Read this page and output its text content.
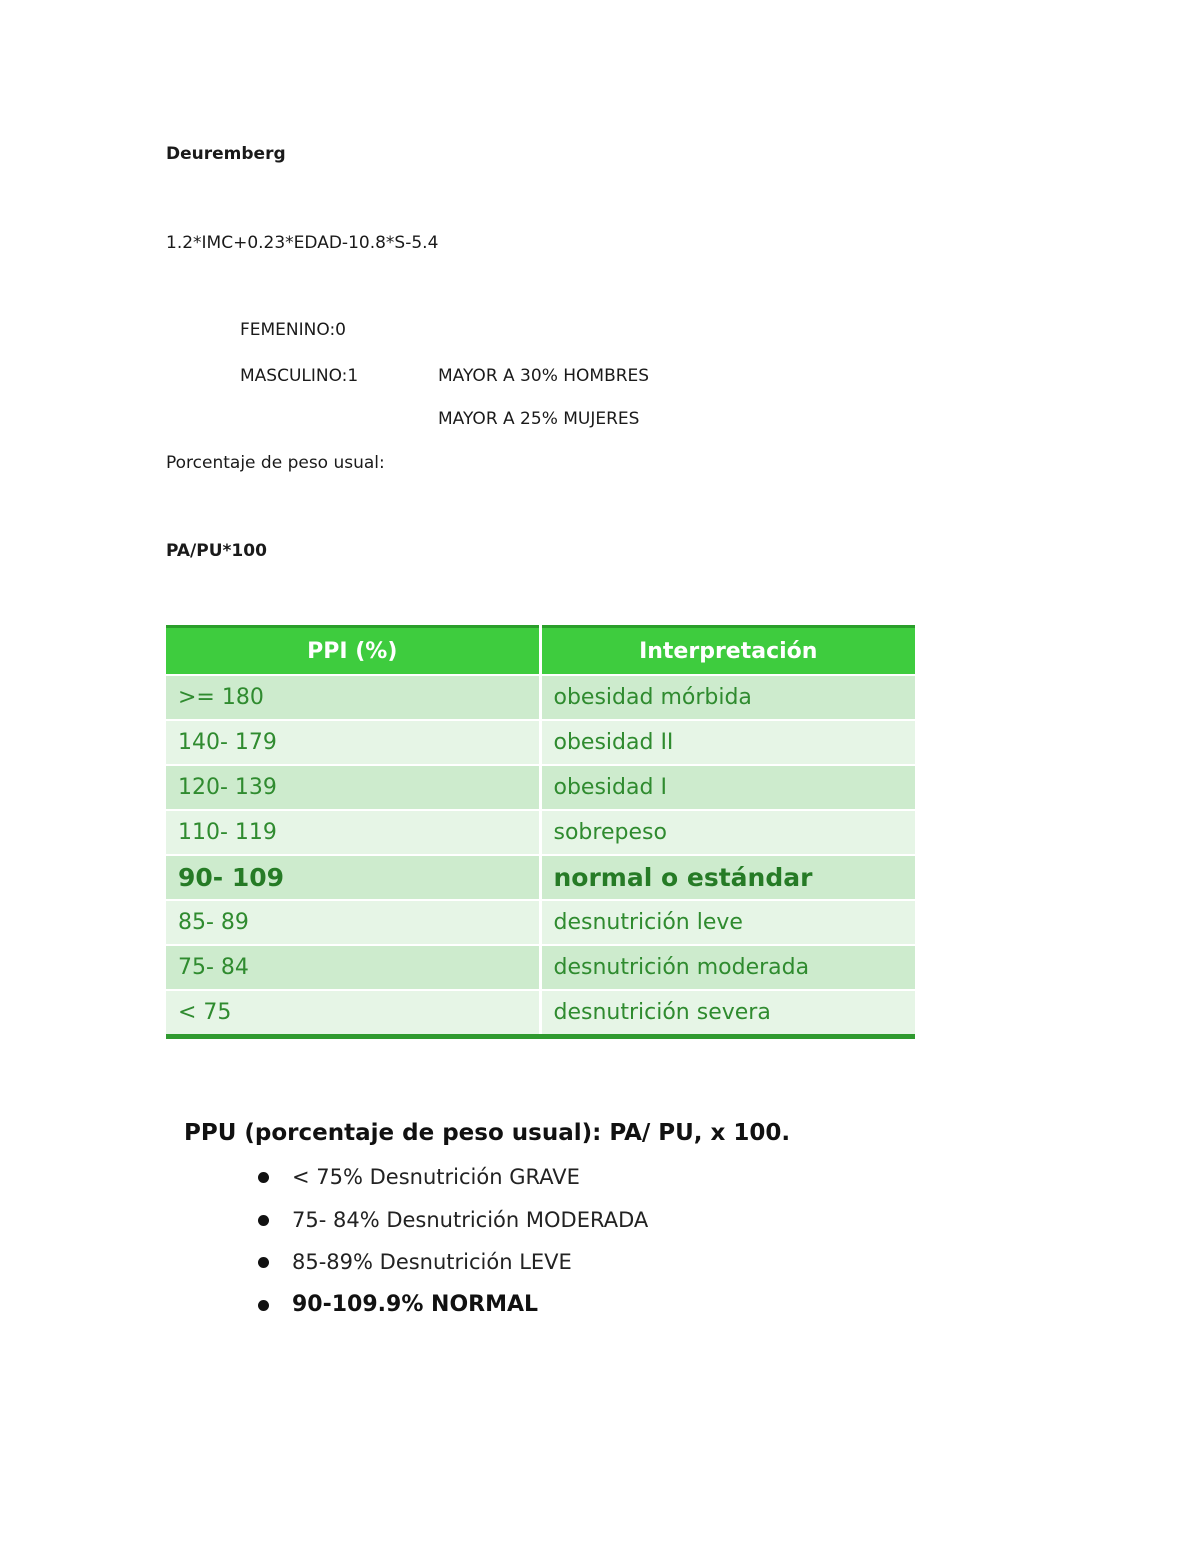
Deuremberg
1.2*IMC+0.23*EDAD-10.8*S-5.4
FEMENINO:0
MASCULINO:1	MAYOR A 30% HOMBRES
MAYOR A 25% MUJERES
Porcentaje de peso usual:
PA/PU*100
PPI (%)	Interpretación
>= 180	obesidad mórbida
140- 179	obesidad II
120- 139	obesidad I
110- 119	sobrepeso
90- 109	normal o estándar
85- 89	desnutrición leve
75- 84	desnutrición moderada
< 75	desnutrición severa
PPU (porcentaje de peso usual): PA/ PU, x 100.
< 75% Desnutrición GRAVE
75- 84% Desnutrición MODERADA
85-89% Desnutrición LEVE
90-109.9% NORMAL
